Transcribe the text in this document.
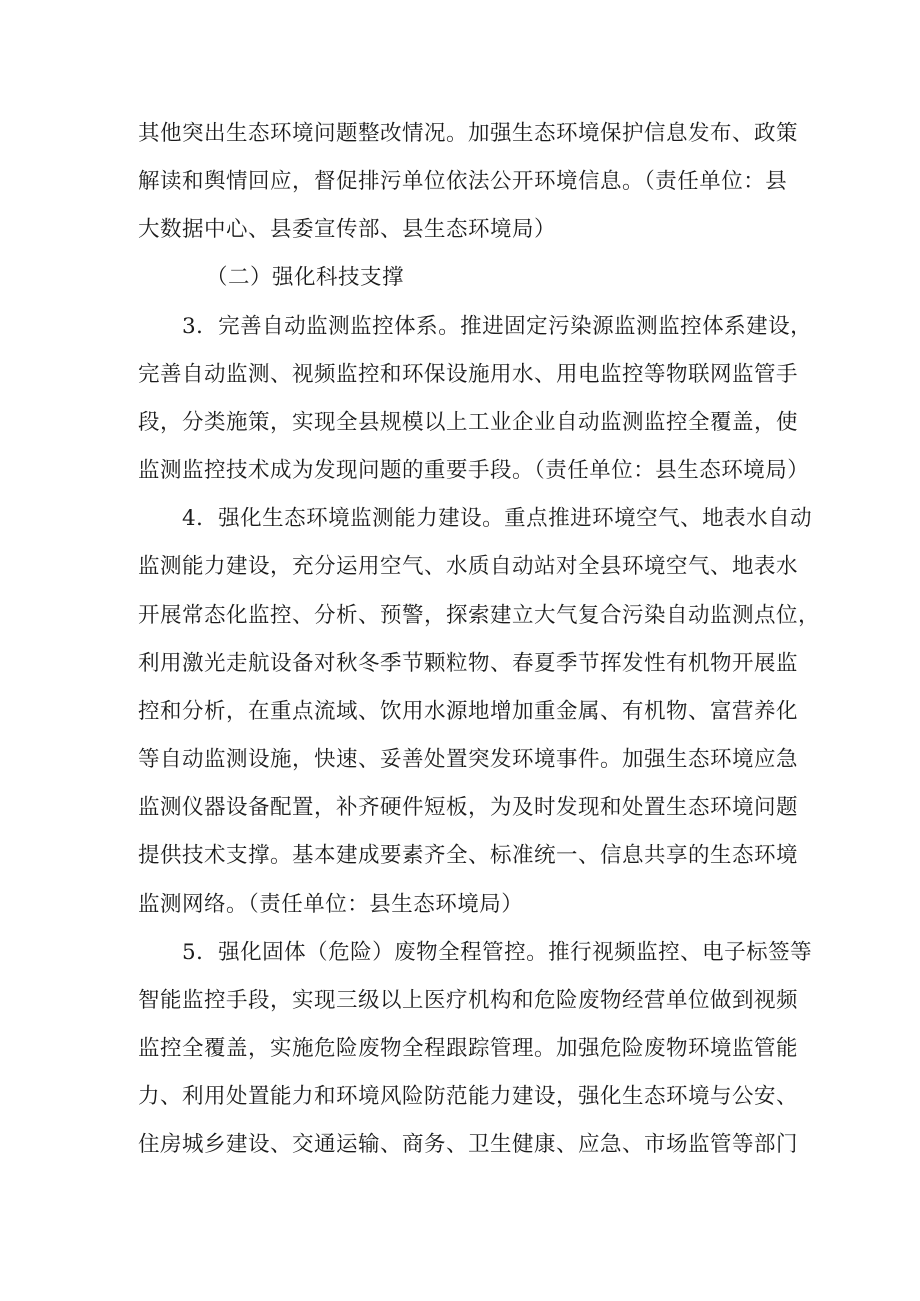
其他突出生态环境问题整改情况。加强生态环境保护信息发布、政策
解读和舆情回应，督促排污单位依法公开环境信息。（责任单位：县
大数据中心、县委宣传部、县生态环境局）
（二）强化科技支撑
3．完善自动监测监控体系。推进固定污染源监测监控体系建设，
完善自动监测、视频监控和环保设施用水、用电监控等物联网监管手
段，分类施策，实现全县规模以上工业企业自动监测监控全覆盖，使
监测监控技术成为发现问题的重要手段。（责任单位：县生态环境局）
4．强化生态环境监测能力建设。重点推进环境空气、地表水自动
监测能力建设，充分运用空气、水质自动站对全县环境空气、地表水
开展常态化监控、分析、预警，探索建立大气复合污染自动监测点位，
利用激光走航设备对秋冬季节颗粒物、春夏季节挥发性有机物开展监
控和分析，在重点流域、饮用水源地增加重金属、有机物、富营养化
等自动监测设施，快速、妥善处置突发环境事件。加强生态环境应急
监测仪器设备配置，补齐硬件短板，为及时发现和处置生态环境问题
提供技术支撑。基本建成要素齐全、标准统一、信息共享的生态环境
监测网络。（责任单位：县生态环境局）
5．强化固体（危险）废物全程管控。推行视频监控、电子标签等
智能监控手段，实现三级以上医疗机构和危险废物经营单位做到视频
监控全覆盖，实施危险废物全程跟踪管理。加强危险废物环境监管能
力、利用处置能力和环境风险防范能力建设，强化生态环境与公安、
住房城乡建设、交通运输、商务、卫生健康、应急、市场监管等部门
